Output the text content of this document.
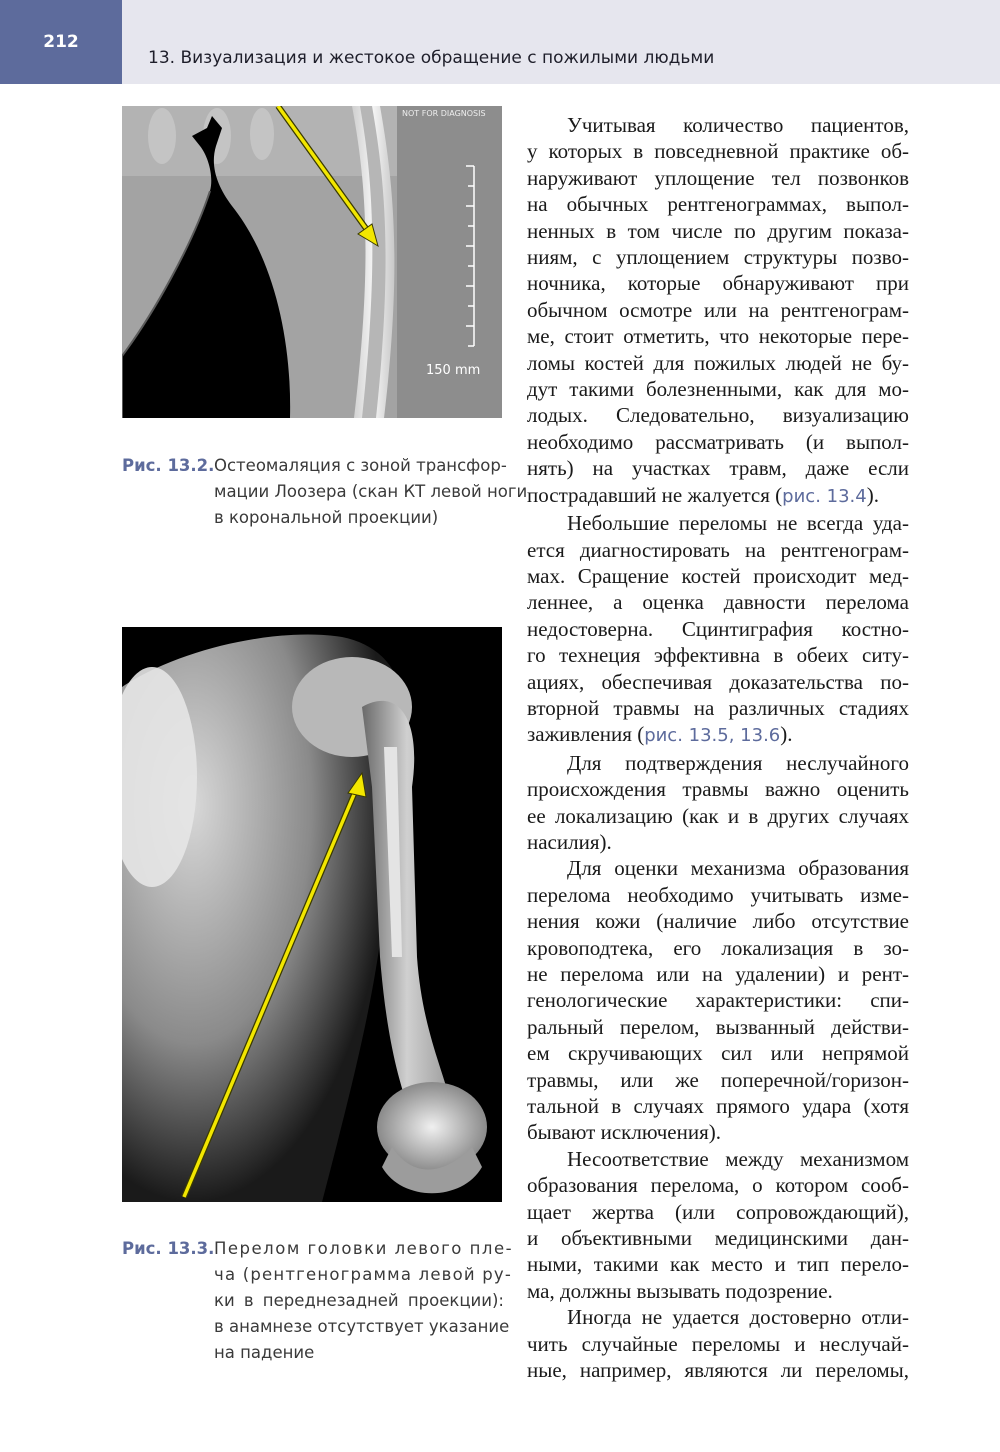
212
13. Визуализация и жестокое обращение с пожилыми людьми
150 mm
NOT FOR DIAGNOSIS
Рис. 13.2. Остеомаляция с зоной трансфор-
мации Лоозера (скан КТ левой ноги
в корональной проекции)
Рис. 13.3. Перелом головки левого пле-
ча (рентгенограмма левой ру-
ки в переднезадней проекции):
в анамнезе отсутствует указание
на падение
Учитывая количество пациентов,
у которых в повседневной практике об-
наруживают уплощение тел позвонков
на обычных рентгенограммах, выпол-
ненных в том числе по другим показа-
ниям, с уплощением структуры позво-
ночника, которые обнаруживают при
обычном осмотре или на рентгенограм-
ме, стоит отметить, что некоторые пере-
ломы костей для пожилых людей не бу-
дут такими болезненными, как для мо-
лодых. Следовательно, визуализацию
необходимо рассматривать (и выпол-
нять) на участках травм, даже если
пострадавший не жалуется (рис. 13.4).
Небольшие переломы не всегда уда-
ется диагностировать на рентгенограм-
мах. Сращение костей происходит мед-
леннее, а оценка давности перелома
недостоверна. Сцинтиграфия костно-
го технеция эффективна в обеих ситу-
ациях, обеспечивая доказательства по-
вторной травмы на различных стадиях
заживления (рис. 13.5, 13.6).
Для подтверждения неслучайного
происхождения травмы важно оценить
ее локализацию (как и в других случаях
насилия).
Для оценки механизма образования
перелома необходимо учитывать изме-
нения кожи (наличие либо отсутствие
кровоподтека, его локализация в зо-
не перелома или на удалении) и рент-
генологические характеристики: спи-
ральный перелом, вызванный действи-
ем скручивающих сил или непрямой
травмы, или же поперечной/горизон-
тальной в случаях прямого удара (хотя
бывают исключения).
Несоответствие между механизмом
образования перелома, о котором сооб-
щает жертва (или сопровождающий),
и объективными медицинскими дан-
ными, такими как место и тип перело-
ма, должны вызывать подозрение.
Иногда не удается достоверно отли-
чить случайные переломы и неслучай-
ные, например, являются ли переломы,
